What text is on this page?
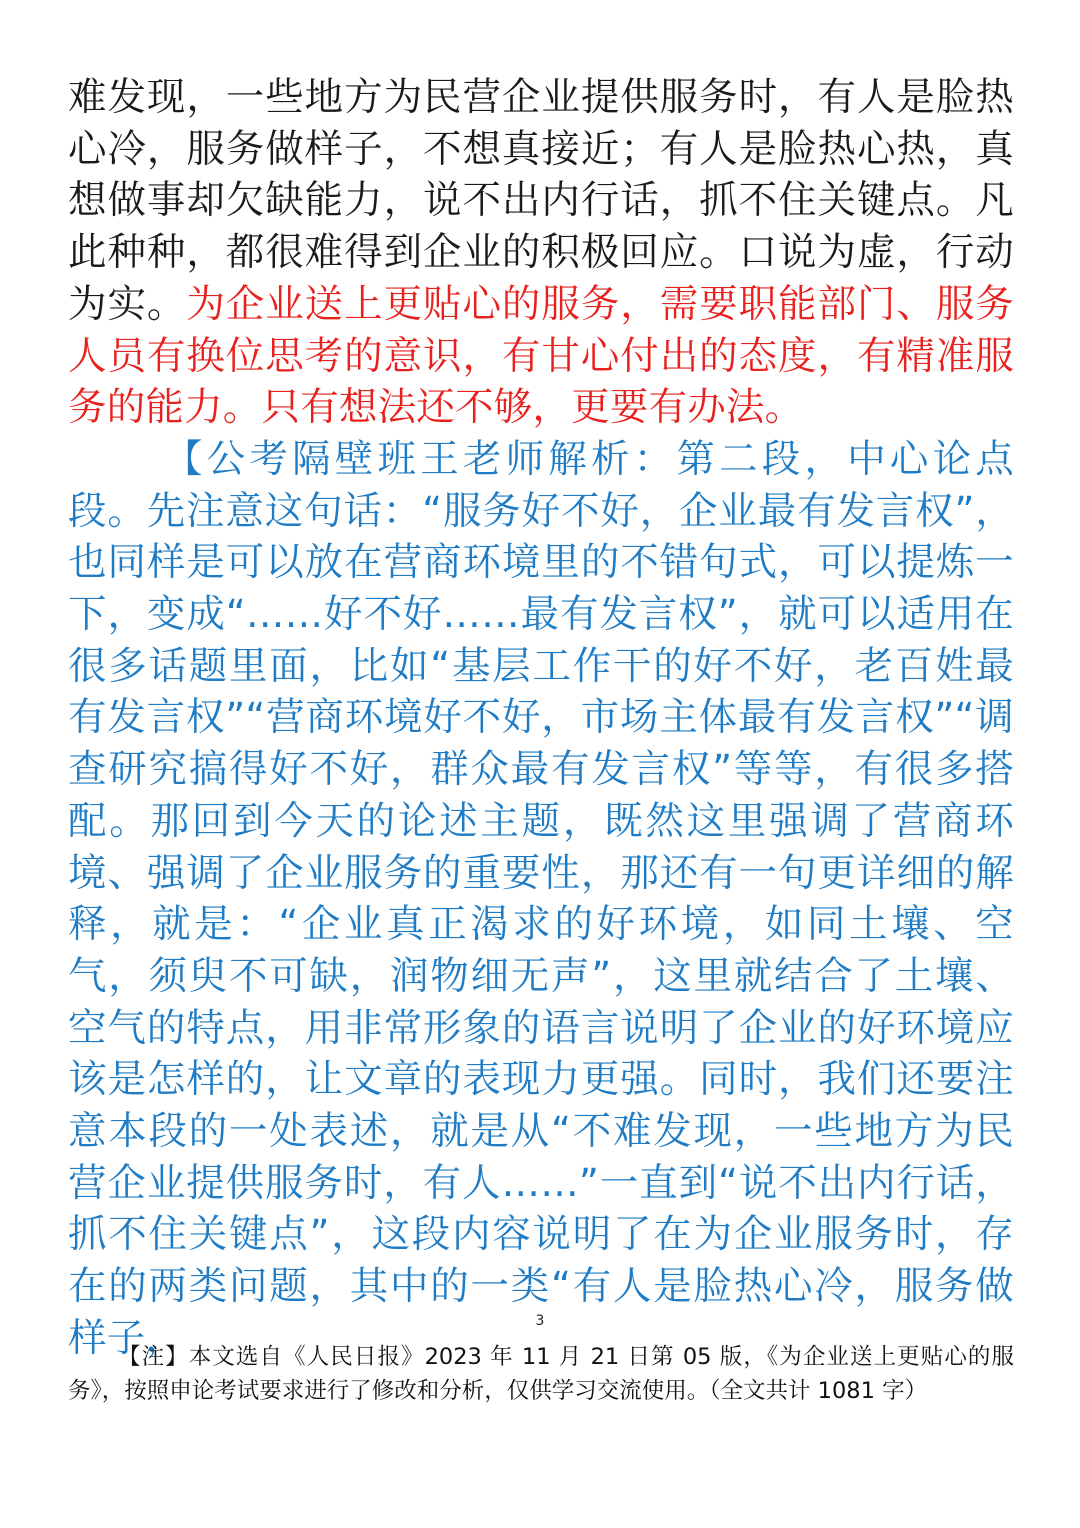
难发现，一些地方为民营企业提供服务时，有人是脸热心冷，服务做样子，不想真接近；有人是脸热心热，真想做事却欠缺能力，说不出内行话，抓不住关键点。凡此种种，都很难得到企业的积极回应。口说为虚，行动为实。为企业送上更贴心的服务，需要职能部门、服务人员有换位思考的意识，有甘心付出的态度，有精准服务的能力。只有想法还不够，更要有办法。

【公考隔壁班王老师解析：第二段，中心论点段。先注意这句话：“服务好不好，企业最有发言权”，也同样是可以放在营商环境里的不错句式，可以提炼一下，变成“……好不好……最有发言权”，就可以适用在很多话题里面，比如“基层工作干的好不好，老百姓最有发言权”“营商环境好不好，市场主体最有发言权”“调查研究搞得好不好，群众最有发言权”等等，有很多搭配。那回到今天的论述主题，既然这里强调了营商环境、强调了企业服务的重要性，那还有一句更详细的解释，就是：“企业真正渴求的好环境，如同土壤、空气，须臾不可缺，润物细无声”，这里就结合了土壤、空气的特点，用非常形象的语言说明了企业的好环境应该是怎样的，让文章的表现力更强。同时，我们还要注意本段的一处表述，就是从“不难发现，一些地方为民营企业提供服务时，有人……”一直到“说不出内行话，抓不住关键点”，这段内容说明了在为企业服务时，存在的两类问题，其中的一类“有人是脸热心冷，服务做样子，	3

【注】本文选自《人民日报》2023 年 11 月 21 日第 05 版，《为企业送上更贴心的服务》，按照申论考试要求进行了修改和分析，仅供学习交流使用。（全文共计 1081 字）
